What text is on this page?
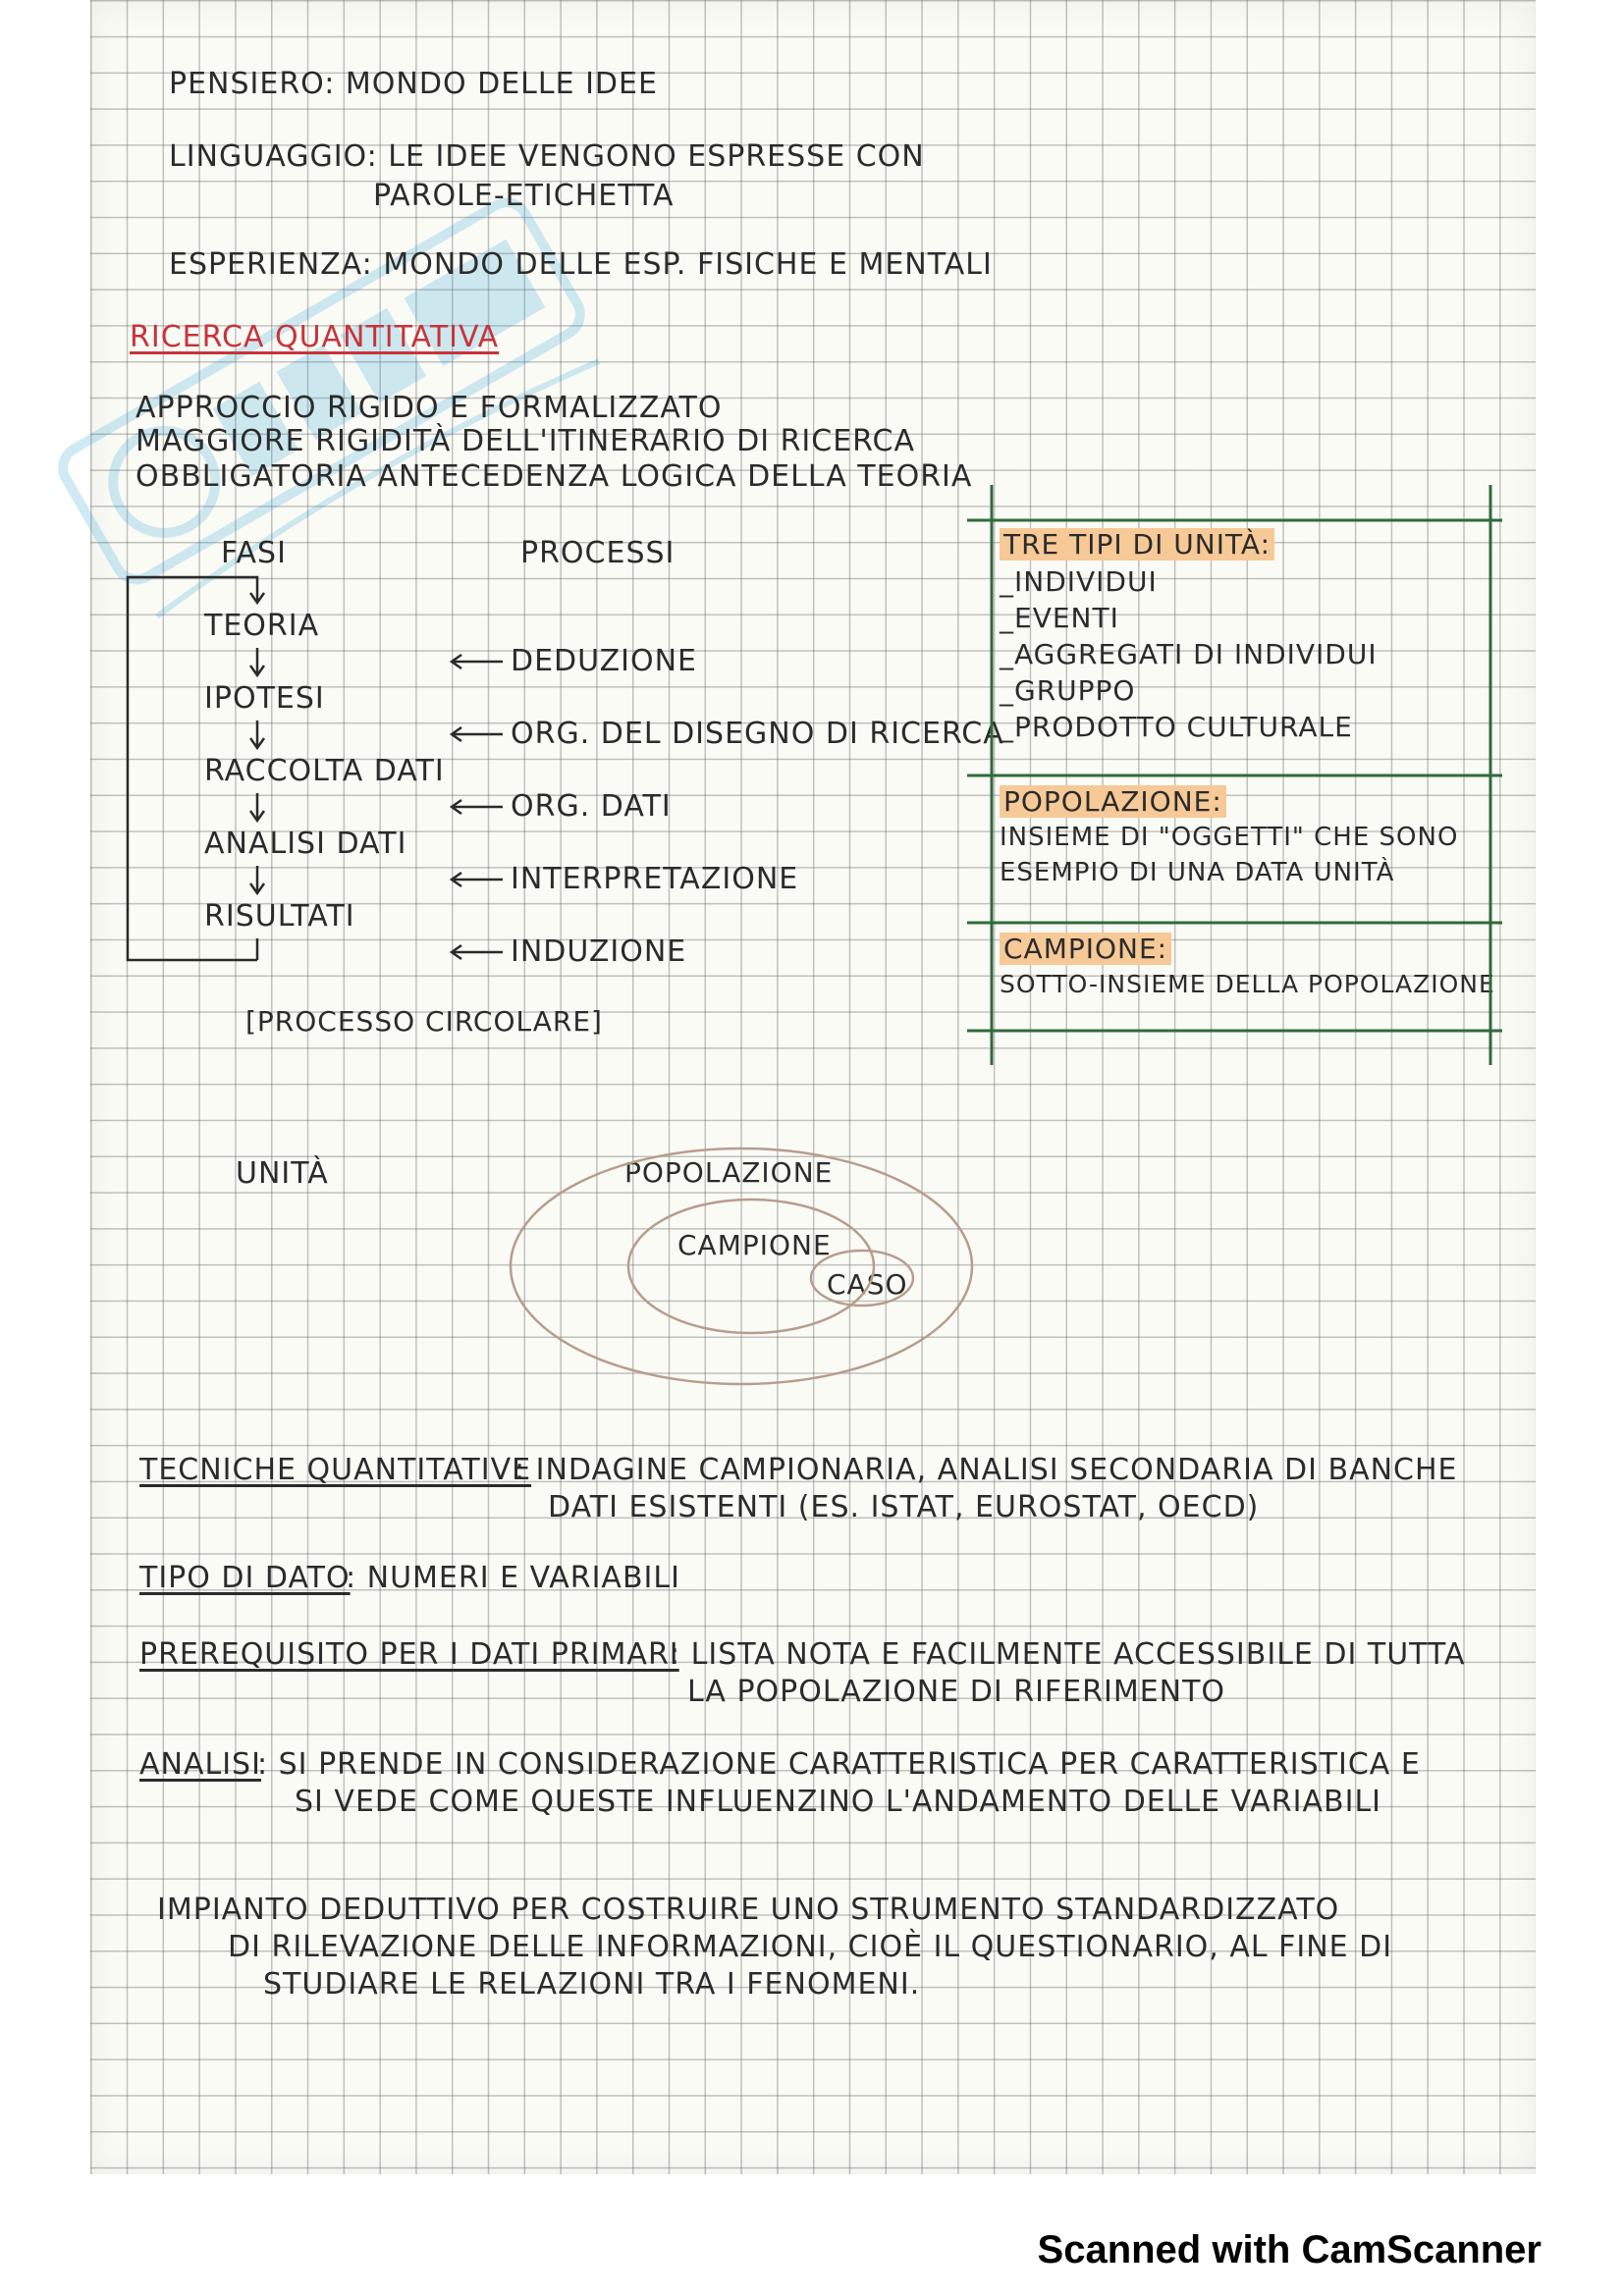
PENSIERO: MONDO DELLE IDEE
LINGUAGGIO: LE IDEE VENGONO ESPRESSE CON
PAROLE-ETICHETTA
ESPERIENZA: MONDO DELLE ESP. FISICHE E MENTALI
RICERCA QUANTITATIVA
APPROCCIO RIGIDO E FORMALIZZATO
MAGGIORE RIGIDITÀ DELL'ITINERARIO DI RICERCA
OBBLIGATORIA ANTECEDENZA LOGICA DELLA TEORIA
FASI	PROCESSI
TEORIA
IPOTESI
RACCOLTA DATI
ANALISI DATI
RISULTATI
DEDUZIONE
ORG. DEL DISEGNO DI RICERCA
ORG. DATI
INTERPRETAZIONE
INDUZIONE
[PROCESSO CIRCOLARE]
TRE TIPI DI UNITÀ:
_INDIVIDUI
_EVENTI
_AGGREGATI DI INDIVIDUI
_GRUPPO
_PRODOTTO CULTURALE
POPOLAZIONE:
INSIEME DI "OGGETTI" CHE SONO
ESEMPIO DI UNA DATA UNITÀ
CAMPIONE:
SOTTO-INSIEME DELLA POPOLAZIONE
UNITÀ	POPOLAZIONE
CAMPIONE
CASO
TECNICHE QUANTITATIVE
: INDAGINE CAMPIONARIA, ANALISI SECONDARIA DI BANCHE
DATI ESISTENTI (ES. ISTAT, EUROSTAT, OECD)
TIPO DI DATO
: NUMERI E VARIABILI
PREREQUISITO PER I DATI PRIMARI
: LISTA NOTA E FACILMENTE ACCESSIBILE DI TUTTA
LA POPOLAZIONE DI RIFERIMENTO
ANALISI
: SI PRENDE IN CONSIDERAZIONE CARATTERISTICA PER CARATTERISTICA E
SI VEDE COME QUESTE INFLUENZINO L'ANDAMENTO DELLE VARIABILI
IMPIANTO DEDUTTIVO PER COSTRUIRE UNO STRUMENTO STANDARDIZZATO
DI RILEVAZIONE DELLE INFORMAZIONI, CIOÈ IL QUESTIONARIO, AL FINE DI
STUDIARE LE RELAZIONI TRA I FENOMENI.
Scanned with CamScanner
